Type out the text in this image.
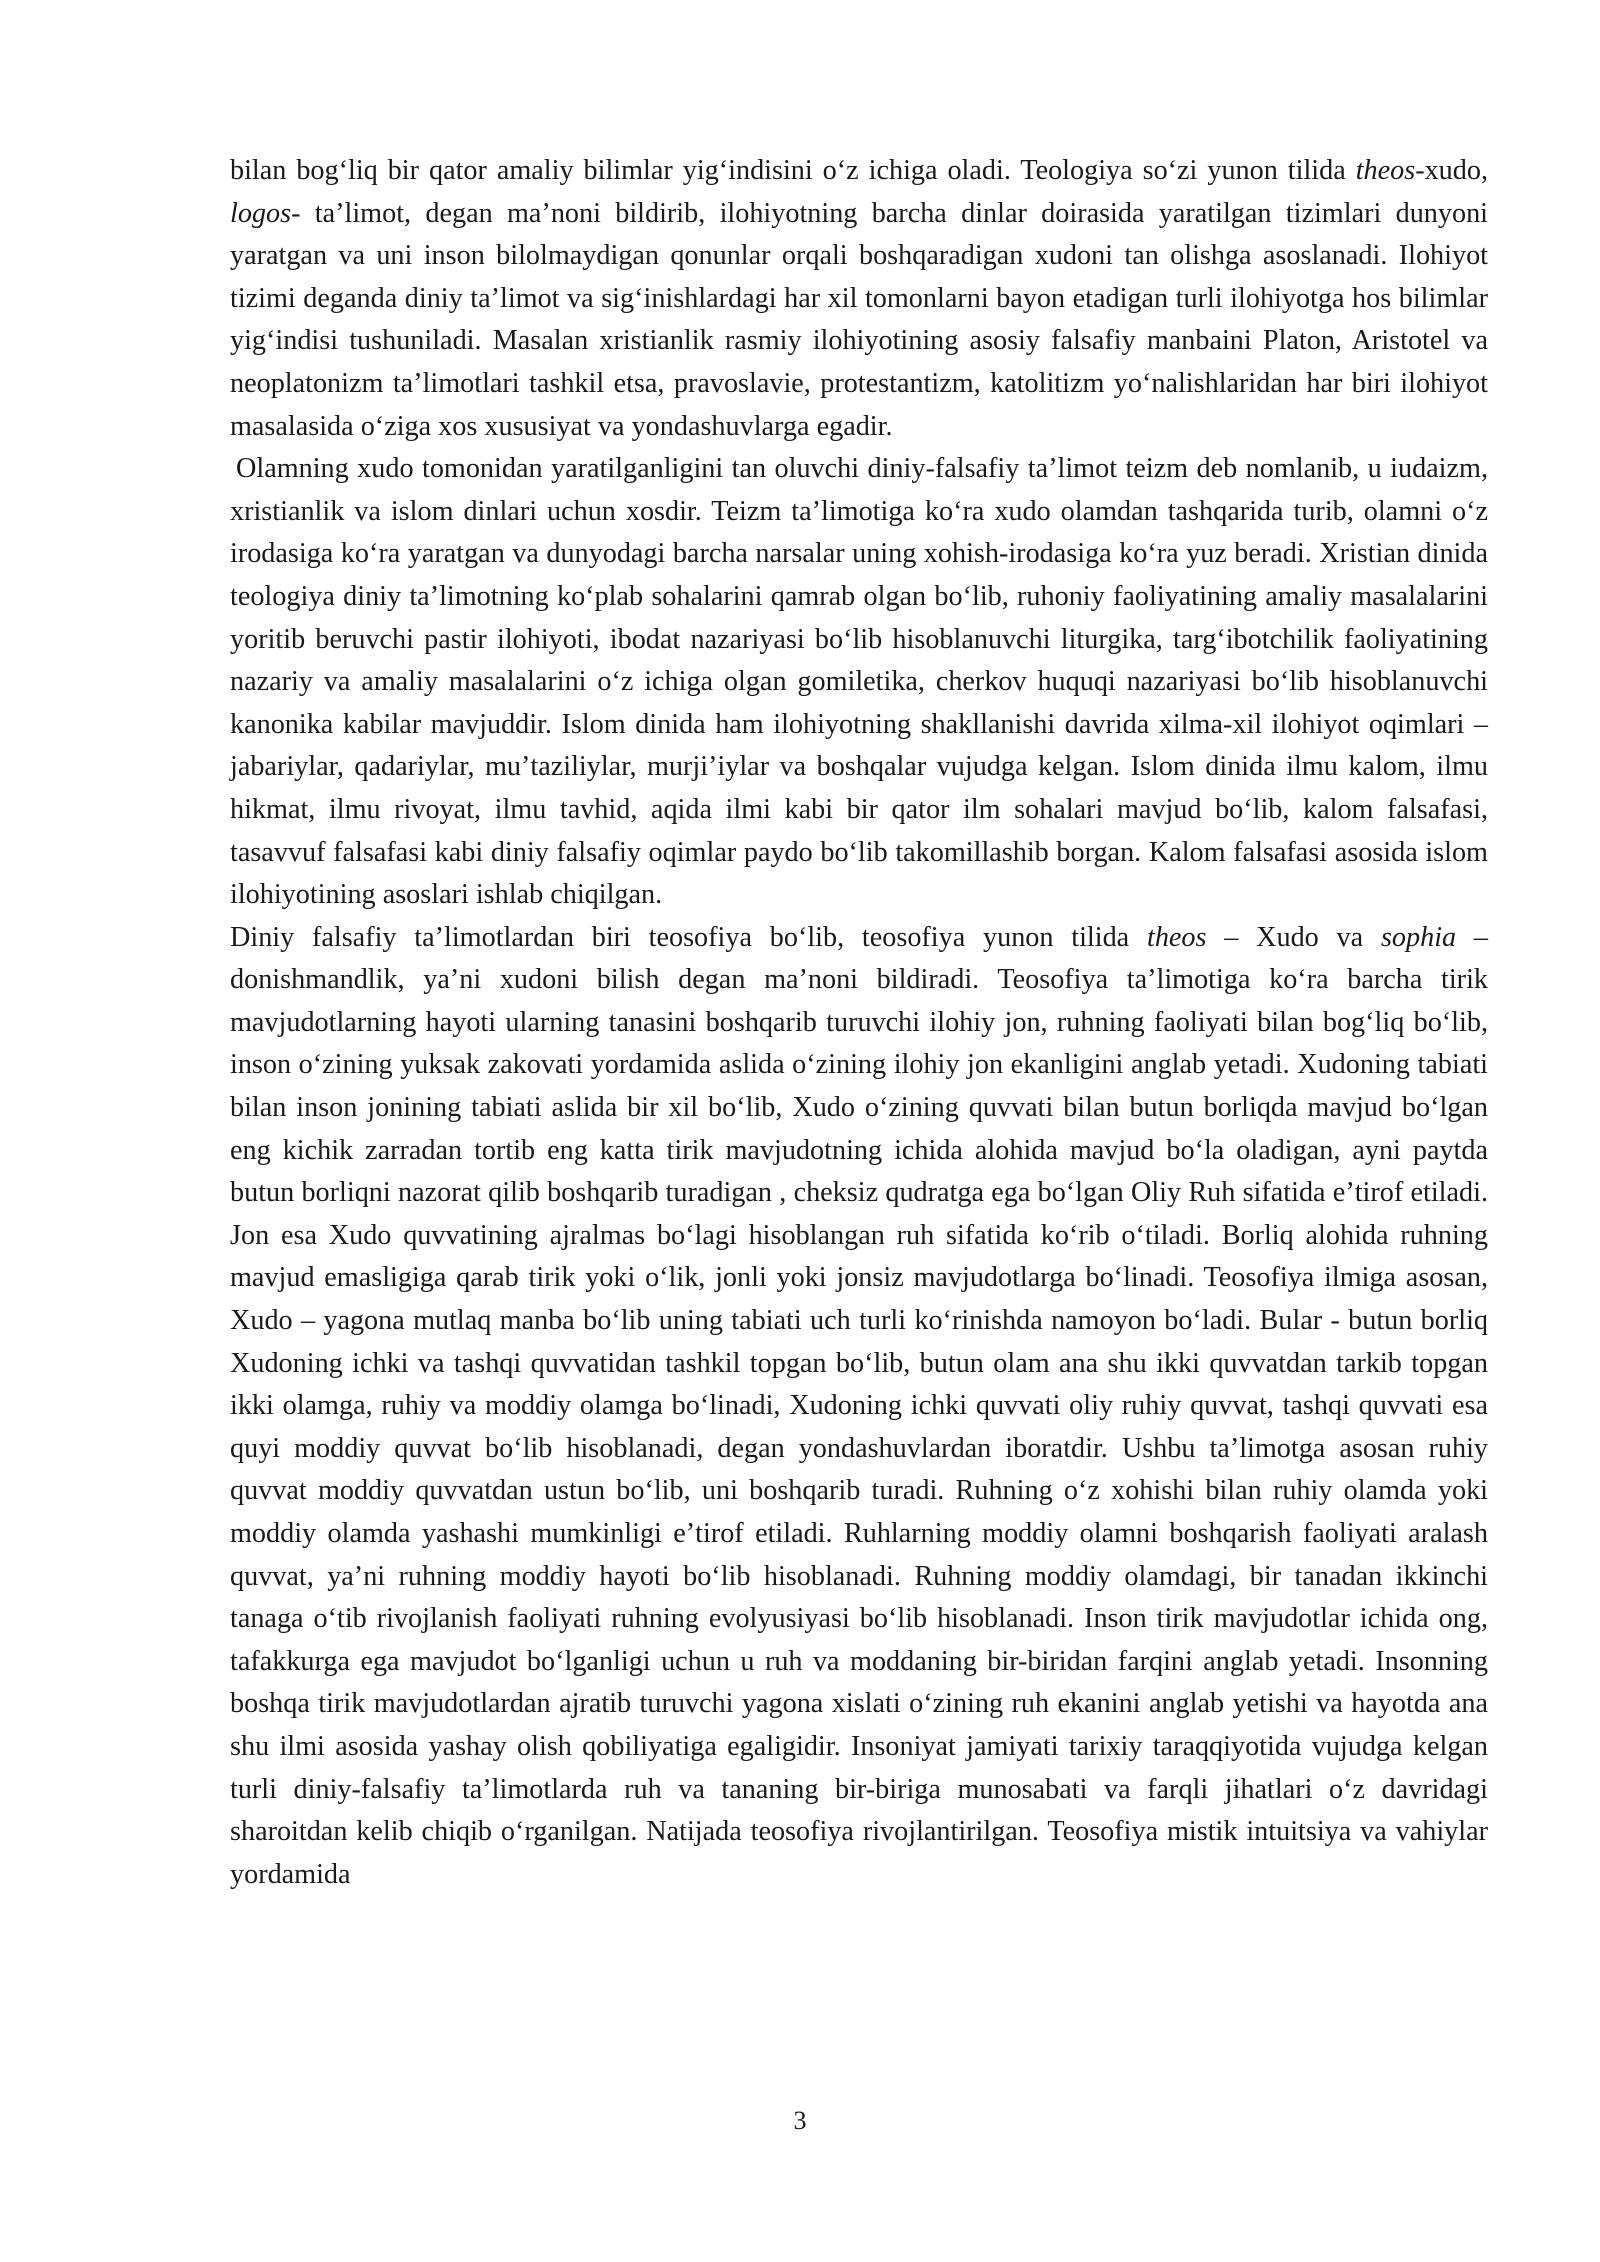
bilan bogʻliq bir qator amaliy bilimlar yigʻindisini oʻz ichiga oladi. Teologiya soʻzi yunon tilida theos-xudo, logos- taʼlimot, degan maʼnoni bildirib, ilohiyotning barcha dinlar doirasida yaratilgan tizimlari dunyoni yaratgan va uni inson bilolmaydigan qonunlar orqali boshqaradigan xudoni tan olishga asoslanadi. Ilohiyot tizimi deganda diniy taʼlimot va sigʻinishlardagi har xil tomonlarni bayon etadigan turli ilohiyotga hos bilimlar yigʻindisi tushuniladi. Masalan xristianlik rasmiy ilohiyotining asosiy falsafiy manbaini Platon, Aristotel va neoplatonizm taʼlimotlari tashkil etsa, pravoslavie, protestantizm, katolitizm yoʻnalishlaridan har biri ilohiyot masalasida oʻziga xos xususiyat va yondashuvlarga egadir.

Olamning xudo tomonidan yaratilganligini tan oluvchi diniy-falsafiy taʼlimot teizm deb nomlanib, u iudaizm, xristianlik va islom dinlari uchun xosdir. Teizm taʼlimotiga koʻra xudo olamdan tashqarida turib, olamni oʻz irodasiga koʻra yaratgan va dunyodagi barcha narsalar uning xohish-irodasiga koʻra yuz beradi. Xristian dinida teologiya diniy taʼlimotning koʻplab sohalarini qamrab olgan boʻlib, ruhoniy faoliyatining amaliy masalalarini yoritib beruvchi pastir ilohiyoti, ibodat nazariyasi boʻlib hisoblanuvchi liturgika, targʻibotchilik faoliyatining nazariy va amaliy masalalarini oʻz ichiga olgan gomiletika, cherkov huquqi nazariyasi boʻlib hisoblanuvchi kanonika kabilar mavjuddir. Islom dinida ham ilohiyotning shakllanishi davrida xilma-xil ilohiyot oqimlari – jabariylar, qadariylar, muʼtaziliylar, murjiʼiylar va boshqalar vujudga kelgan. Islom dinida ilmu kalom, ilmu hikmat, ilmu rivoyat, ilmu tavhid, aqida ilmi kabi bir qator ilm sohalari mavjud boʻlib, kalom falsafasi, tasavvuf falsafasi kabi diniy falsafiy oqimlar paydo boʻlib takomillashib borgan. Kalom falsafasi asosida islom ilohiyotining asoslari ishlab chiqilgan.

Diniy falsafiy taʼlimotlardan biri teosofiya boʻlib, teosofiya yunon tilida theos – Xudo va sophia – donishmandlik, yaʼni xudoni bilish degan maʼnoni bildiradi. Teosofiya taʼlimotiga koʻra barcha tirik mavjudotlarning hayoti ularning tanasini boshqarib turuvchi ilohiy jon, ruhning faoliyati bilan bogʻliq boʻlib, inson oʻzining yuksak zakovati yordamida aslida oʻzining ilohiy jon ekanligini anglab yetadi. Xudoning tabiati bilan inson jonining tabiati aslida bir xil boʻlib, Xudo oʻzining quvvati bilan butun borliqda mavjud boʻlgan eng kichik zarradan tortib eng katta tirik mavjudotning ichida alohida mavjud boʻla oladigan, ayni paytda butun borliqni nazorat qilib boshqarib turadigan , cheksiz qudratga ega boʻlgan Oliy Ruh sifatida eʼtirof etiladi. Jon esa Xudo quvvatining ajralmas boʻlagi hisoblangan ruh sifatida koʻrib oʻtiladi. Borliq alohida ruhning mavjud emasligiga qarab tirik yoki oʻlik, jonli yoki jonsiz mavjudotlarga boʻlinadi. Teosofiya ilmiga asosan, Xudo – yagona mutlaq manba boʻlib uning tabiati uch turli koʻrinishda namoyon boʻladi. Bular - butun borliq Xudoning ichki va tashqi quvvatidan tashkil topgan boʻlib, butun olam ana shu ikki quvvatdan tarkib topgan ikki olamga, ruhiy va moddiy olamga boʻlinadi, Xudoning ichki quvvati oliy ruhiy quvvat, tashqi quvvati esa quyi moddiy quvvat boʻlib hisoblanadi, degan yondashuvlardan iboratdir. Ushbu taʼlimotga asosan ruhiy quvvat moddiy quvvatdan ustun boʻlib, uni boshqarib turadi. Ruhning oʻz xohishi bilan ruhiy olamda yoki moddiy olamda yashashi mumkinligi eʼtirof etiladi. Ruhlarning moddiy olamni boshqarish faoliyati aralash quvvat, yaʼni ruhning moddiy hayoti boʻlib hisoblanadi. Ruhning moddiy olamdagi, bir tanadan ikkinchi tanaga oʻtib rivojlanish faoliyati ruhning evolyusiyasi boʻlib hisoblanadi. Inson tirik mavjudotlar ichida ong, tafakkurga ega mavjudot boʻlganligi uchun u ruh va moddaning bir-biridan farqini anglab yetadi. Insonning boshqa tirik mavjudotlardan ajratib turuvchi yagona xislati oʻzining ruh ekanini anglab yetishi va hayotda ana shu ilmi asosida yashay olish qobiliyatiga egaligidir. Insoniyat jamiyati tarixiy taraqqiyotida vujudga kelgan turli diniy-falsafiy taʼlimotlarda ruh va tananing bir-biriga munosabati va farqli jihatlari oʻz davridagi sharoitdan kelib chiqib oʻrganilgan. Natijada teosofiya rivojlantirilgan. Teosofiya mistik intuitsiya va vahiylar yordamida

3
